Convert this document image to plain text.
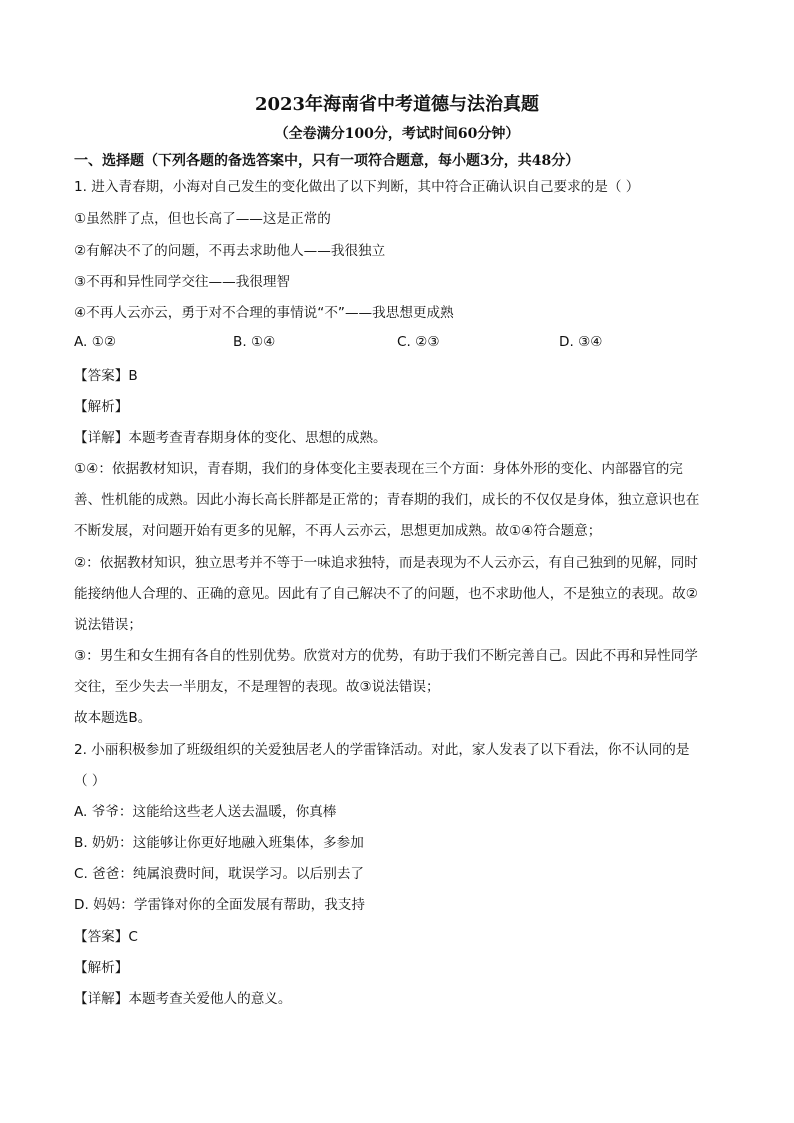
2023年海南省中考道德与法治真题
（全卷满分100分，考试时间60分钟）
一、选择题（下列各题的备选答案中，只有一项符合题意，每小题3分，共48分）
1. 进入青春期，小海对自己发生的变化做出了以下判断，其中符合正确认识自己要求的是（ ）
①虽然胖了点，但也长高了——这是正常的
②有解决不了的问题，不再去求助他人——我很独立
③不再和异性同学交往——我很理智
④不再人云亦云，勇于对不合理的事情说“不”——我思想更成熟
A. ①②	B. ①④	C. ②③	D. ③④
【答案】B
【解析】
【详解】本题考查青春期身体的变化、思想的成熟。
①④：依据教材知识，青春期，我们的身体变化主要表现在三个方面：身体外形的变化、内部器官的完
善、性机能的成熟。因此小海长高长胖都是正常的；青春期的我们，成长的不仅仅是身体，独立意识也在
不断发展，对问题开始有更多的见解，不再人云亦云，思想更加成熟。故①④符合题意；
②：依据教材知识，独立思考并不等于一味追求独特，而是表现为不人云亦云，有自己独到的见解，同时
能接纳他人合理的、正确的意见。因此有了自己解决不了的问题，也不求助他人，不是独立的表现。故②
说法错误；
③：男生和女生拥有各自的性别优势。欣赏对方的优势，有助于我们不断完善自己。因此不再和异性同学
交往，至少失去一半朋友，不是理智的表现。故③说法错误；
故本题选B。
2. 小丽积极参加了班级组织的关爱独居老人的学雷锋活动。对此，家人发表了以下看法，你不认同的是
（ ）
A. 爷爷：这能给这些老人送去温暖，你真棒
B. 奶奶：这能够让你更好地融入班集体，多参加
C. 爸爸：纯属浪费时间，耽误学习。以后别去了
D. 妈妈：学雷锋对你的全面发展有帮助，我支持
【答案】C
【解析】
【详解】本题考查关爱他人的意义。
